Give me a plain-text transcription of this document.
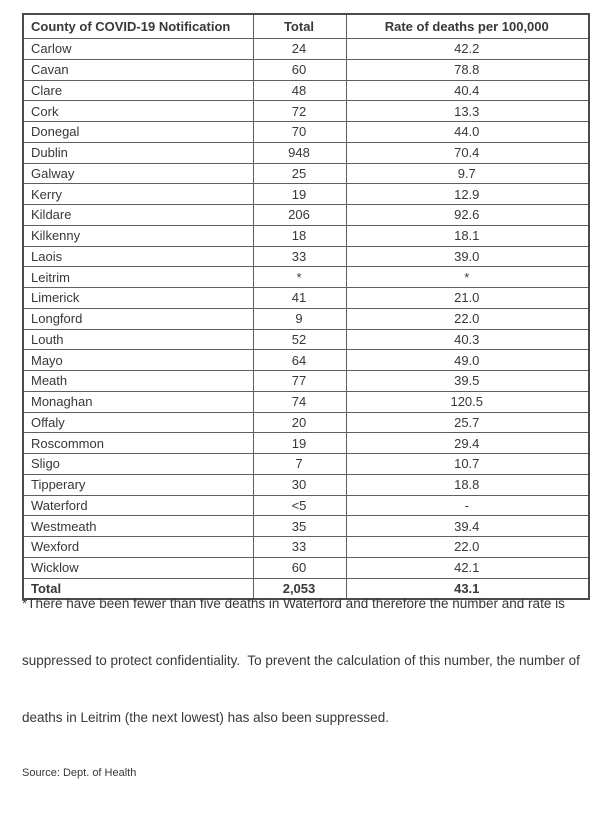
County of COVID-19 Notification	Total	Rate of deaths per 100,000
Carlow	24	42.2
Cavan	60	78.8
Clare	48	40.4
Cork	72	13.3
Donegal	70	44.0
Dublin	948	70.4
Galway	25	9.7
Kerry	19	12.9
Kildare	206	92.6
Kilkenny	18	18.1
Laois	33	39.0
Leitrim	*	*
Limerick	41	21.0
Longford	9	22.0
Louth	52	40.3
Mayo	64	49.0
Meath	77	39.5
Monaghan	74	120.5
Offaly	20	25.7
Roscommon	19	29.4
Sligo	7	10.7
Tipperary	30	18.8
Waterford	<5	-
Westmeath	35	39.4
Wexford	33	22.0
Wicklow	60	42.1
Total	2,053	43.1

*There have been fewer than five deaths in Waterford and therefore the number and rate is

suppressed to protect confidentiality.  To prevent the calculation of this number, the number of

deaths in Leitrim (the next lowest) has also been suppressed.

Source: Dept. of Health
